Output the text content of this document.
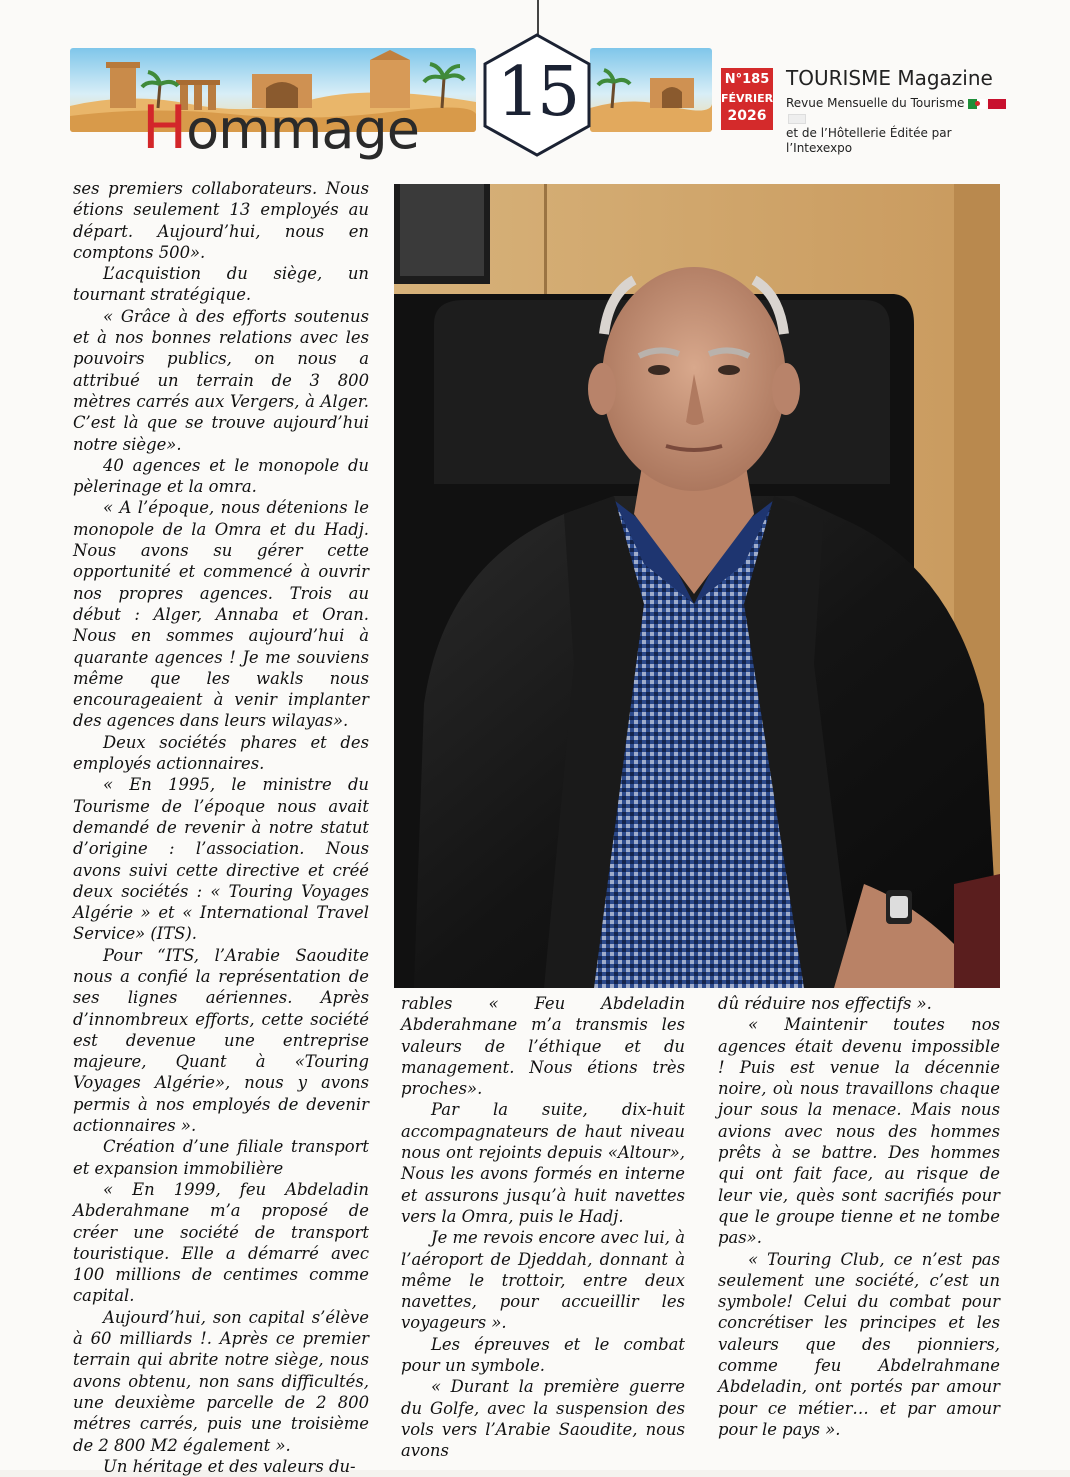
15
Hommage
N°185
FÉVRIER
2026
TOURISME Magazine
Revue Mensuelle du Tourisme
et de l’Hôtellerie Éditée par l’Intexexpo

ses premiers collaborateurs. Nous étions seulement 13 employés au départ. Aujourd’hui, nous en comptons 500».

L’acquistion du siège, un tournant stratégique.

« Grâce à des efforts soutenus et à nos bonnes relations avec les pouvoirs publics, on nous a attribué un terrain de 3 800 mètres carrés aux Vergers, à Alger. C’est là que se trouve aujourd’hui notre siège».

40 agences et le monopole du pèlerinage et la omra.

« A l’époque, nous détenions le monopole de la Omra et du Hadj. Nous avons su gérer cette opportunité et commencé à ouvrir nos propres agences. Trois au début : Alger, Annaba et Oran. Nous en sommes aujourd’hui à quarante agences ! Je me souviens même que les wakls nous encourageaient à venir implanter des agences dans leurs wilayas».

Deux sociétés phares et des employés actionnaires.

« En 1995, le ministre du Tourisme de l’époque nous avait demandé de revenir à notre statut d’origine : l’association. Nous avons suivi cette directive et créé deux sociétés : « Touring Voyages Algérie » et « International Travel Service» (ITS).

Pour “ITS, l’Arabie Saoudite nous a confié la représentation de ses lignes aériennes. Après d’innombreux efforts, cette société est devenue une entreprise majeure, Quant à «Touring Voyages Algérie», nous y avons permis à nos employés de devenir actionnaires ».

Création d’une filiale transport et expansion immobilière

« En 1999, feu Abdeladin Abderahmane m’a proposé de créer une société de transport touristique. Elle a démarré avec 100 millions de centimes comme capital.

Aujourd’hui, son capital s’élève à 60 milliards !. Après ce premier terrain qui abrite notre siège, nous avons obtenu, non sans difficultés, une deuxième parcelle de 2 800 métres carrés, puis une troisième de 2 800 M2 également ».

Un héritage et des valeurs du-

rables « Feu Abdeladin Abderahmane m’a transmis les valeurs de l’éthique et du management. Nous étions très proches».

Par la suite, dix-huit accompagnateurs de haut niveau nous ont rejoints depuis «Altour», Nous les avons formés en interne et assurons jusqu’à huit navettes vers la Omra, puis le Hadj.

Je me revois encore avec lui, à l’aéroport de Djeddah, donnant à même le trottoir, entre deux navettes, pour accueillir les voyageurs ».

Les épreuves et le combat pour un symbole.

« Durant la première guerre du Golfe, avec la suspension des vols vers l’Arabie Saoudite, nous avons

dû réduire nos effectifs ».

« Maintenir toutes nos agences était devenu impossible ! Puis est venue la décennie noire, où nous travaillons chaque jour sous la menace. Mais nous avions avec nous des hommes prêts à se battre. Des hommes qui ont fait face, au risque de leur vie, quès sont sacrifiés pour que le groupe tienne et ne tombe pas».

« Touring Club, ce n’est pas seulement une société, c’est un symbole! Celui du combat pour concrétiser les principes et les valeurs que des pionniers, comme feu Abdelrahmane Abdeladin, ont portés par amour pour ce métier… et par amour pour le pays ».
